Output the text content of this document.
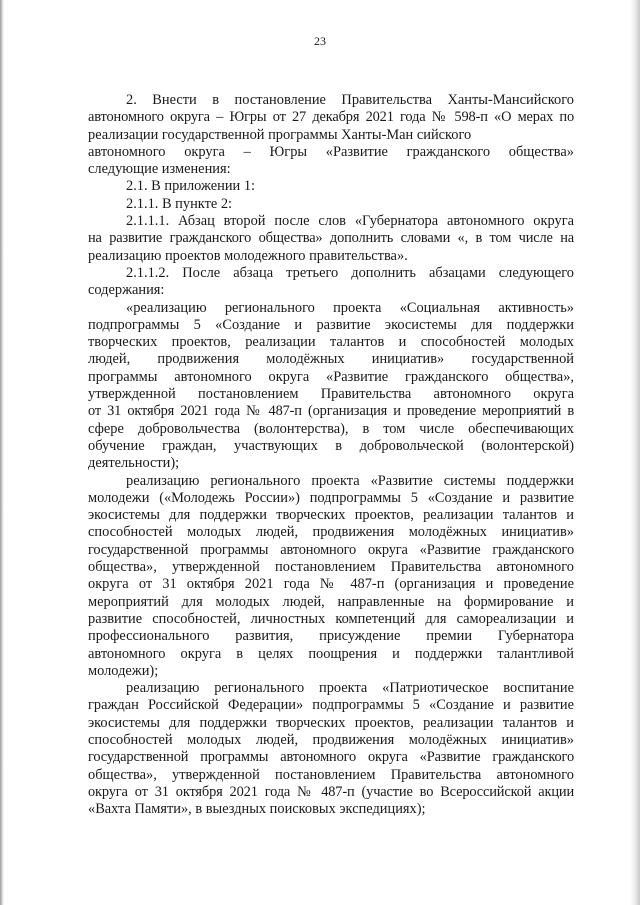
23

2. Внести в постановление Правительства Ханты-Мансийского

автономного округа – Югры от 27 декабря 2021 года № 598-п «О мерах по

реализации государственной программы Ханты-Ман сийского

автономного округа – Югры «Развитие гражданского общества»

следующие изменения:

2.1. В приложении 1:

2.1.1. В пункте 2:

2.1.1.1. Абзац второй после слов «Губернатора автономного округа

на развитие гражданского общества» дополнить словами «, в том числе на

реализацию проектов молодежного правительства».

2.1.1.2. После абзаца третьего дополнить абзацами следующего

содержания:

«реализацию регионального проекта «Социальная активность»

подпрограммы 5 «Создание и развитие экосистемы для поддержки

творческих проектов, реализации талантов и способностей молодых

людей, продвижения молодёжных инициатив» государственной

программы автономного округа «Развитие гражданского общества»,

утвержденной постановлением Правительства автономного округа

от 31 октября 2021 года № 487-п (организация и проведение мероприятий в

сфере добровольчества (волонтерства), в том числе обеспечивающих

обучение граждан, участвующих в добровольческой (волонтерской)

деятельности);

реализацию регионального проекта «Развитие системы поддержки

молодежи («Молодежь России») подпрограммы 5 «Создание и развитие

экосистемы для поддержки творческих проектов, реализации талантов и

способностей молодых людей, продвижения молодёжных инициатив»

государственной программы автономного округа «Развитие гражданского

общества», утвержденной постановлением Правительства автономного

округа от 31 октября 2021 года № 487-п (организация и проведение

мероприятий для молодых людей, направленные на формирование и

развитие способностей, личностных компетенций для самореализации и

профессионального развития, присуждение премии Губернатора

автономного округа в целях поощрения и поддержки талантливой

молодежи);

реализацию регионального проекта «Патриотическое воспитание

граждан Российской Федерации» подпрограммы 5 «Создание и развитие

экосистемы для поддержки творческих проектов, реализации талантов и

способностей молодых людей, продвижения молодёжных инициатив»

государственной программы автономного округа «Развитие гражданского

общества», утвержденной постановлением Правительства автономного

округа от 31 октября 2021 года № 487-п (участие во Всероссийской акции

«Вахта Памяти», в выездных поисковых экспедициях);
